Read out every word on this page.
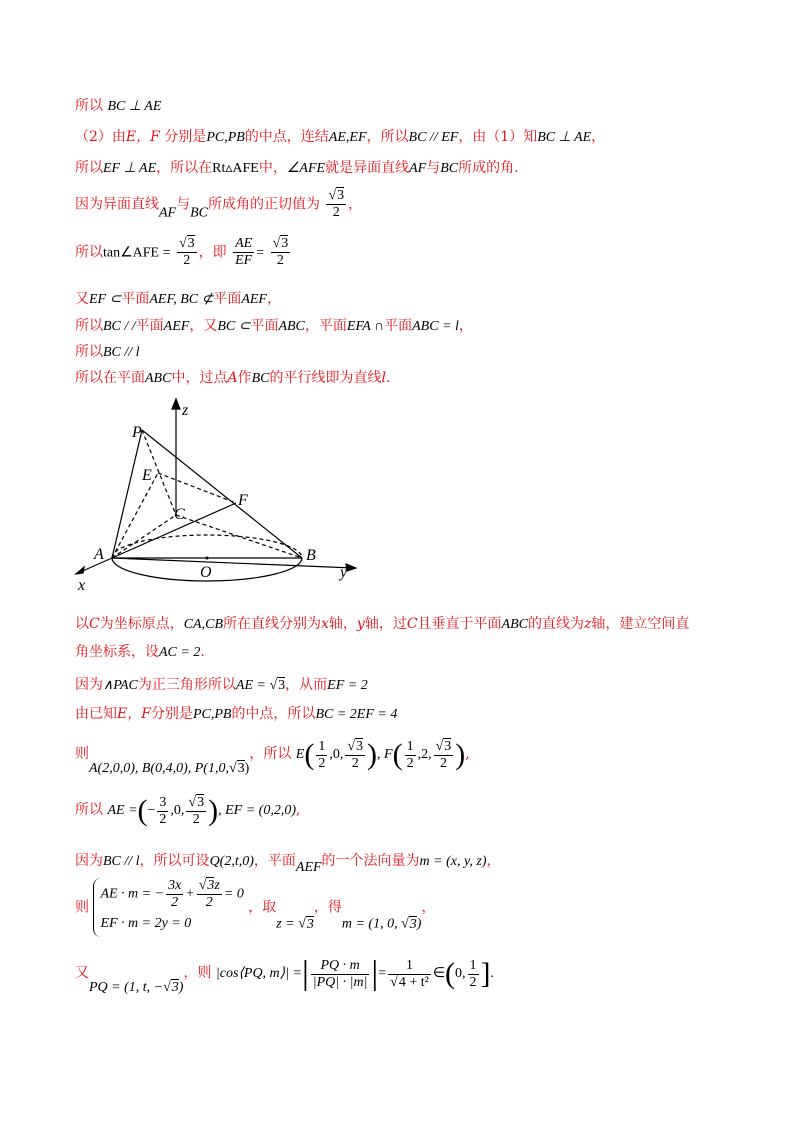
所以 BC ⊥ AE
（2）由E，F 分别是PC,PB的中点，连结AE,EF，所以BC // EF，由（1）知BC ⊥ AE，
所以EF ⊥ AE，所以在Rt▵AFE中，∠AFE就是异面直线AF与BC所成的角.
因为异面直线AF与BC所成角的正切值为 $\frac{√3}{2}$ ，
所以tan∠AFE = $\frac{√3}{2}$ ，即 $\frac{AE}{EF} = \frac{√3}{2}$
又EF ⊂平面AEF, BC ⊄平面AEF，
所以BC / /平面AEF，又BC ⊂平面ABC，平面EFA ∩平面ABC = l，
所以BC // l
所以在平面ABC中，过点A作BC的平行线即为直线l.
P
E
F
C
A	B
O
x
y
z
以C为坐标原点，CA,CB所在直线分别为x轴，y轴，过C且垂直于平面ABC的直线为z轴，建立空间直
角坐标系，设AC = 2.
因为∧PAC为正三角形所以AE = √3，从而EF = 2
由已知E，F分别是PC,PB的中点，所以BC = 2EF = 4
则A(2,0,0), B(0,4,0), P(1,0,√3)，所以 $E( \frac{1}{2} ,0$, $\frac{√3}{2}$ ), $F( \frac{1}{2} ,2$, $\frac{√3}{2}$ ),
所以 AE =(− $\frac{3}{2} ,0$, $\frac{√3}{2}$ ), EF = (0,2,0),
因为BC // l，所以可设Q(2,t,0)，平面AEF的一个法向量为m = (x, y, z)，
则
AE · m = − $\frac{3x}{2} + \frac{√3z}{2} = 0$
EF · m = 2y = 0
，取z = √3，得m = (1, 0, √3)，
又PQ = (1, t, −√3)，则 |cos⟨PQ, m⟩| =| $\frac{PQ \cdot m}{|PQ| \cdot |m|}$ |= $\frac{1}{\text{√4 + t²}}$ ∈(0, $\frac{1}{2}$ ].
